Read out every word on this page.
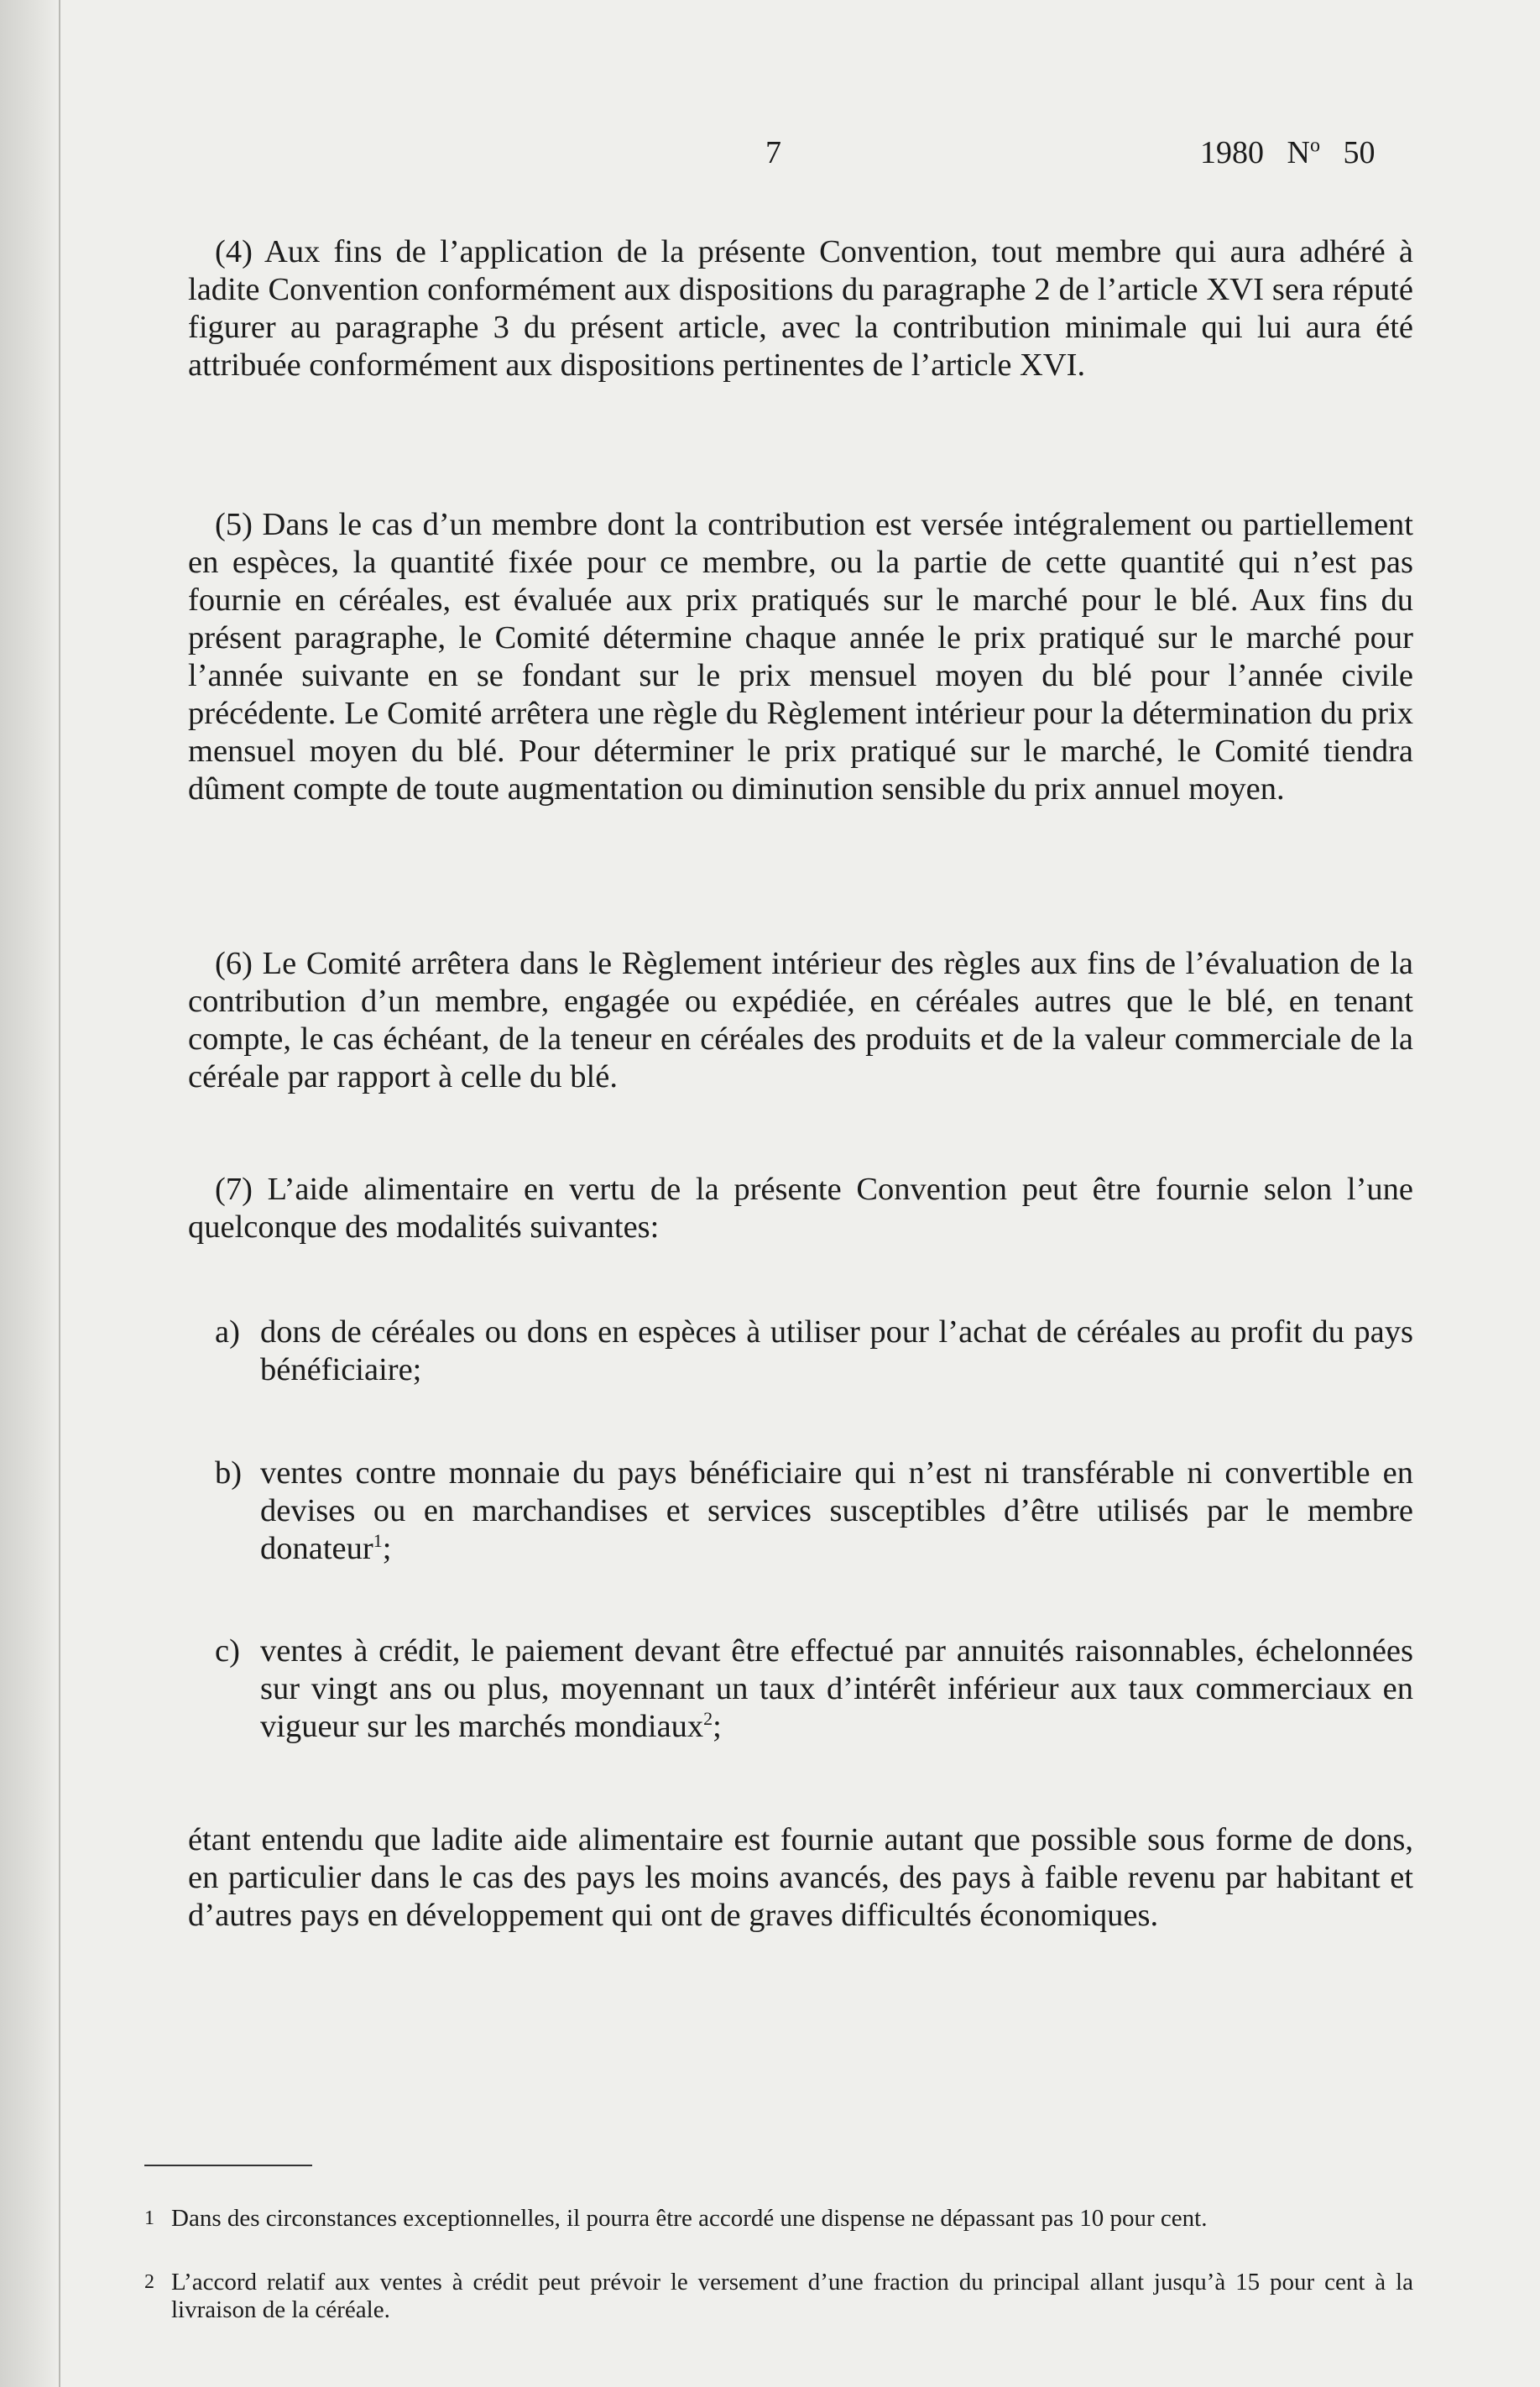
7	1980 $N^o$ 50

(4) Aux fins de l’application de la présente Convention, tout membre qui aura adhéré à ladite Convention conformément aux dispositions du paragraphe 2 de l’article XVI sera réputé figurer au paragraphe 3 du présent article, avec la contribution minimale qui lui aura été attribuée conformément aux dispositions pertinentes de l’article XVI.

(5) Dans le cas d’un membre dont la contribution est versée intégralement ou partiellement en espèces, la quantité fixée pour ce membre, ou la partie de cette quantité qui n’est pas fournie en céréales, est évaluée aux prix pratiqués sur le marché pour le blé. Aux fins du présent paragraphe, le Comité détermine chaque année le prix pratiqué sur le marché pour l’année suivante en se fondant sur le prix mensuel moyen du blé pour l’année civile précédente. Le Comité arrêtera une règle du Règlement intérieur pour la détermination du prix mensuel moyen du blé. Pour déterminer le prix pratiqué sur le marché, le Comité tiendra dûment compte de toute augmentation ou diminution sensible du prix annuel moyen.

(6) Le Comité arrêtera dans le Règlement intérieur des règles aux fins de l’évaluation de la contribution d’un membre, engagée ou expédiée, en céréales autres que le blé, en tenant compte, le cas échéant, de la teneur en céréales des produits et de la valeur commerciale de la céréale par rapport à celle du blé.

(7) L’aide alimentaire en vertu de la présente Convention peut être fournie selon l’une quelconque des modalités suivantes:

a) dons de céréales ou dons en espèces à utiliser pour l’achat de céréales au profit du pays bénéficiaire;
b) ventes contre monnaie du pays bénéficiaire qui n’est ni transférable ni convertible en devises ou en marchandises et services susceptibles d’être utilisés par le membre donateur$^1$;
c) ventes à crédit, le paiement devant être effectué par annuités raisonnables, échelonnées sur vingt ans ou plus, moyennant un taux d’intérêt inférieur aux taux commerciaux en vigueur sur les marchés mondiaux$^2$;

étant entendu que ladite aide alimentaire est fournie autant que possible sous forme de dons, en particulier dans le cas des pays les moins avancés, des pays à faible revenu par habitant et d’autres pays en développement qui ont de graves difficultés économiques.

1 Dans des circonstances exceptionnelles, il pourra être accordé une dispense ne dépassant pas 10 pour cent.
2 L’accord relatif aux ventes à crédit peut prévoir le versement d’une fraction du principal allant jusqu’à 15 pour cent à la livraison de la céréale.
